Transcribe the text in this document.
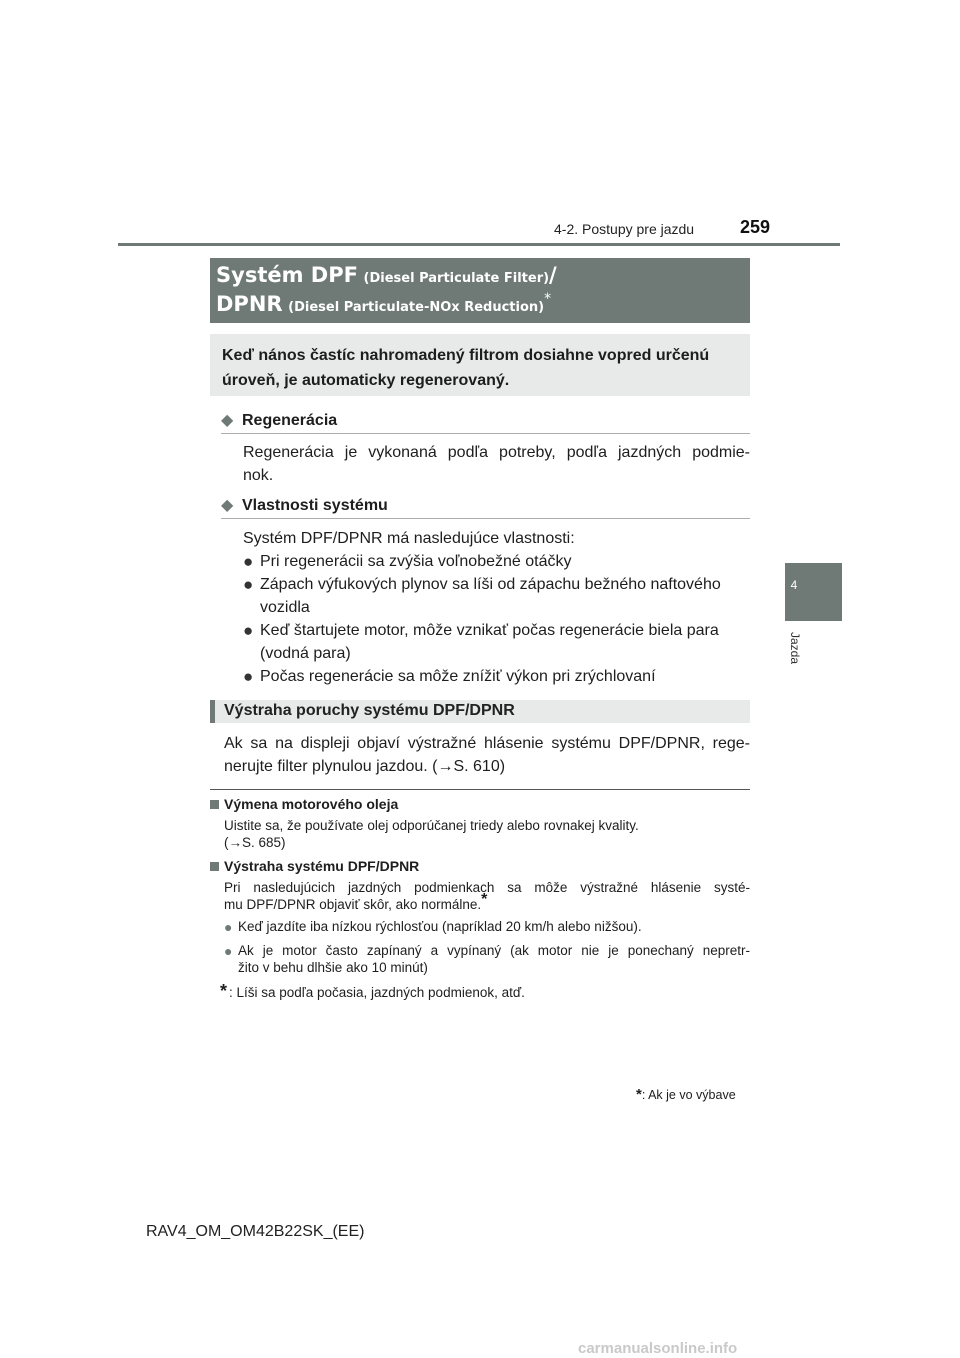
4-2. Postupy pre jazdu	259
4
Jazda
Systém DPF (Diesel Particulate Filter)/
DPNR (Diesel Particulate-NOx Reduction)*
Keď nános častíc nahromadený filtrom dosiahne vopred určenú úroveň, je automaticky regenerovaný.
◆ Regenerácia
Regenerácia je vykonaná podľa potreby, podľa jazdných podmie-
nok.
◆ Vlastnosti systému
Systém DPF/DPNR má nasledujúce vlastnosti:
● Pri regenerácii sa zvýšia voľnobežné otáčky
● Zápach výfukových plynov sa líši od zápachu bežného naftového
vozidla
● Keď štartujete motor, môže vznikať počas regenerácie biela para
(vodná para)
● Počas regenerácie sa môže znížiť výkon pri zrýchlovaní
Výstraha poruchy systému DPF/DPNR
Ak sa na displeji objaví výstražné hlásenie systému DPF/DPNR, rege-
nerujte filter plynulou jazdou. (→S. 610)
Výmena motorového oleja
Uistite sa, že používate olej odporúčanej triedy alebo rovnakej kvality.
(→S. 685)
Výstraha systému DPF/DPNR
Pri nasledujúcich jazdných podmienkach sa môže výstražné hlásenie systé-
mu DPF/DPNR objaviť skôr, ako normálne.*
● Keď jazdíte iba nízkou rýchlosťou (napríklad 20 km/h alebo nižšou).
● Ak je motor často zapínaný a vypínaný (ak motor nie je ponechaný nepretr-
žito v behu dlhšie ako 10 minút)
* : Líši sa podľa počasia, jazdných podmienok, atď.
*: Ak je vo výbave
RAV4_OM_OM42B22SK_(EE)
carmanualsonline.info
